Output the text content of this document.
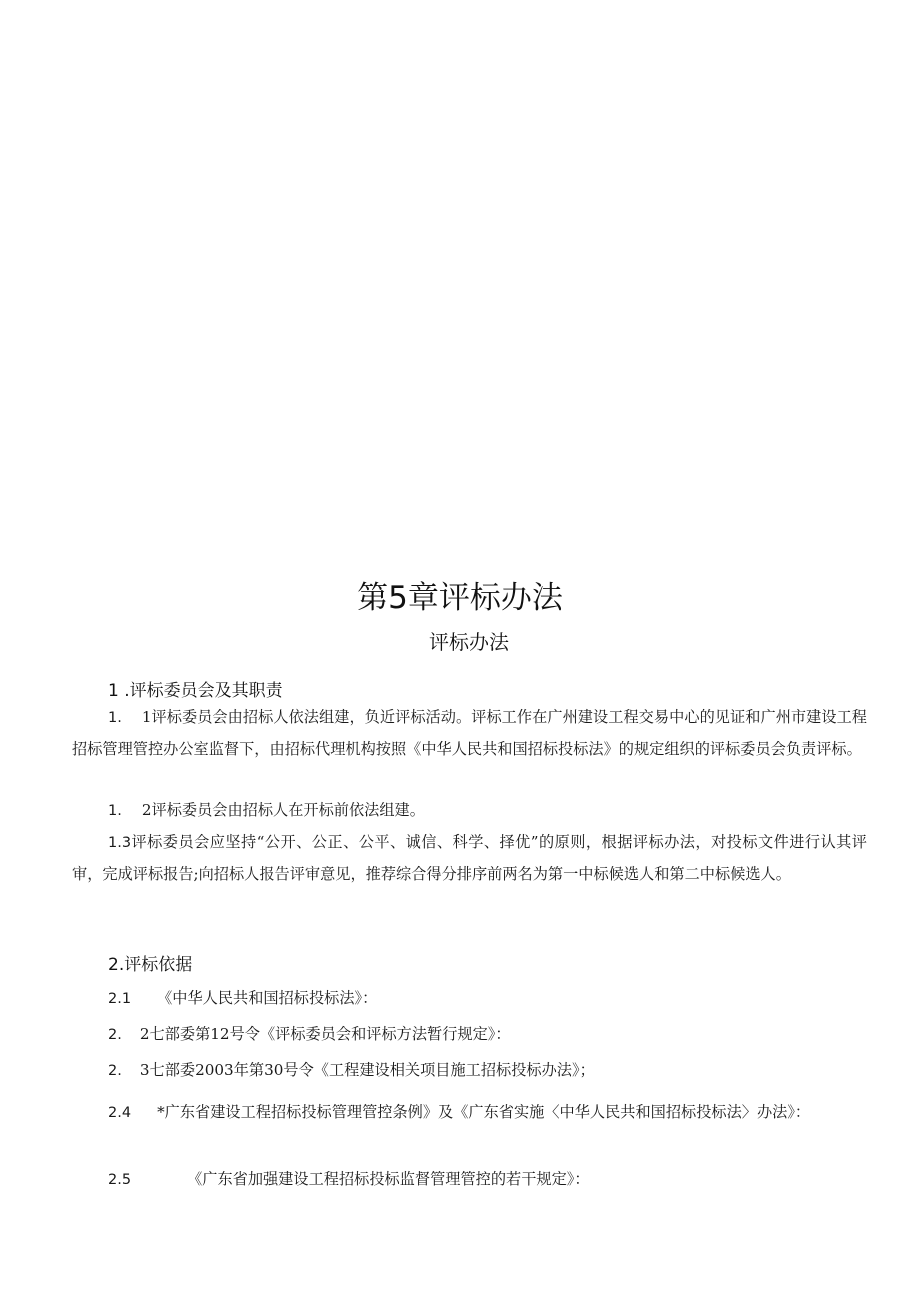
第5章评标办法
评标办法
1 .评标委员会及其职责
1. 1评标委员会由招标人依法组建，负近评标活动。评标工作在广州建设工程交易中心的见证和广州市建设工程招标管理管控办公室监督下，由招标代理机构按照《中华人民共和国招标投标法》的规定组织的评标委员会负责评标。
1. 2评标委员会由招标人在开标前依法组建。
1.3评标委员会应坚持“公开、公正、公平、诚信、科学、择优”的原则，根据评标办法，对投标文件进行认其评审，完成评标报告;向招标人报告评审意见，推荐综合得分排序前两名为第一中标候选人和第二中标候选人。
2.评标依据
2.1 《中华人民共和国招标投标法》：
2. 2七部委第12号令《评标委员会和评标方法暂行规定》：
2. 3七部委2003年第30号令《工程建设相关项目施工招标投标办法》；
2.4 *广东省建设工程招标投标管理管控条例》及《广东省实施〈中华人民共和国招标投标法〉办法》：
2.5	《广东省加强建设工程招标投标监督管理管控的若干规定》：
